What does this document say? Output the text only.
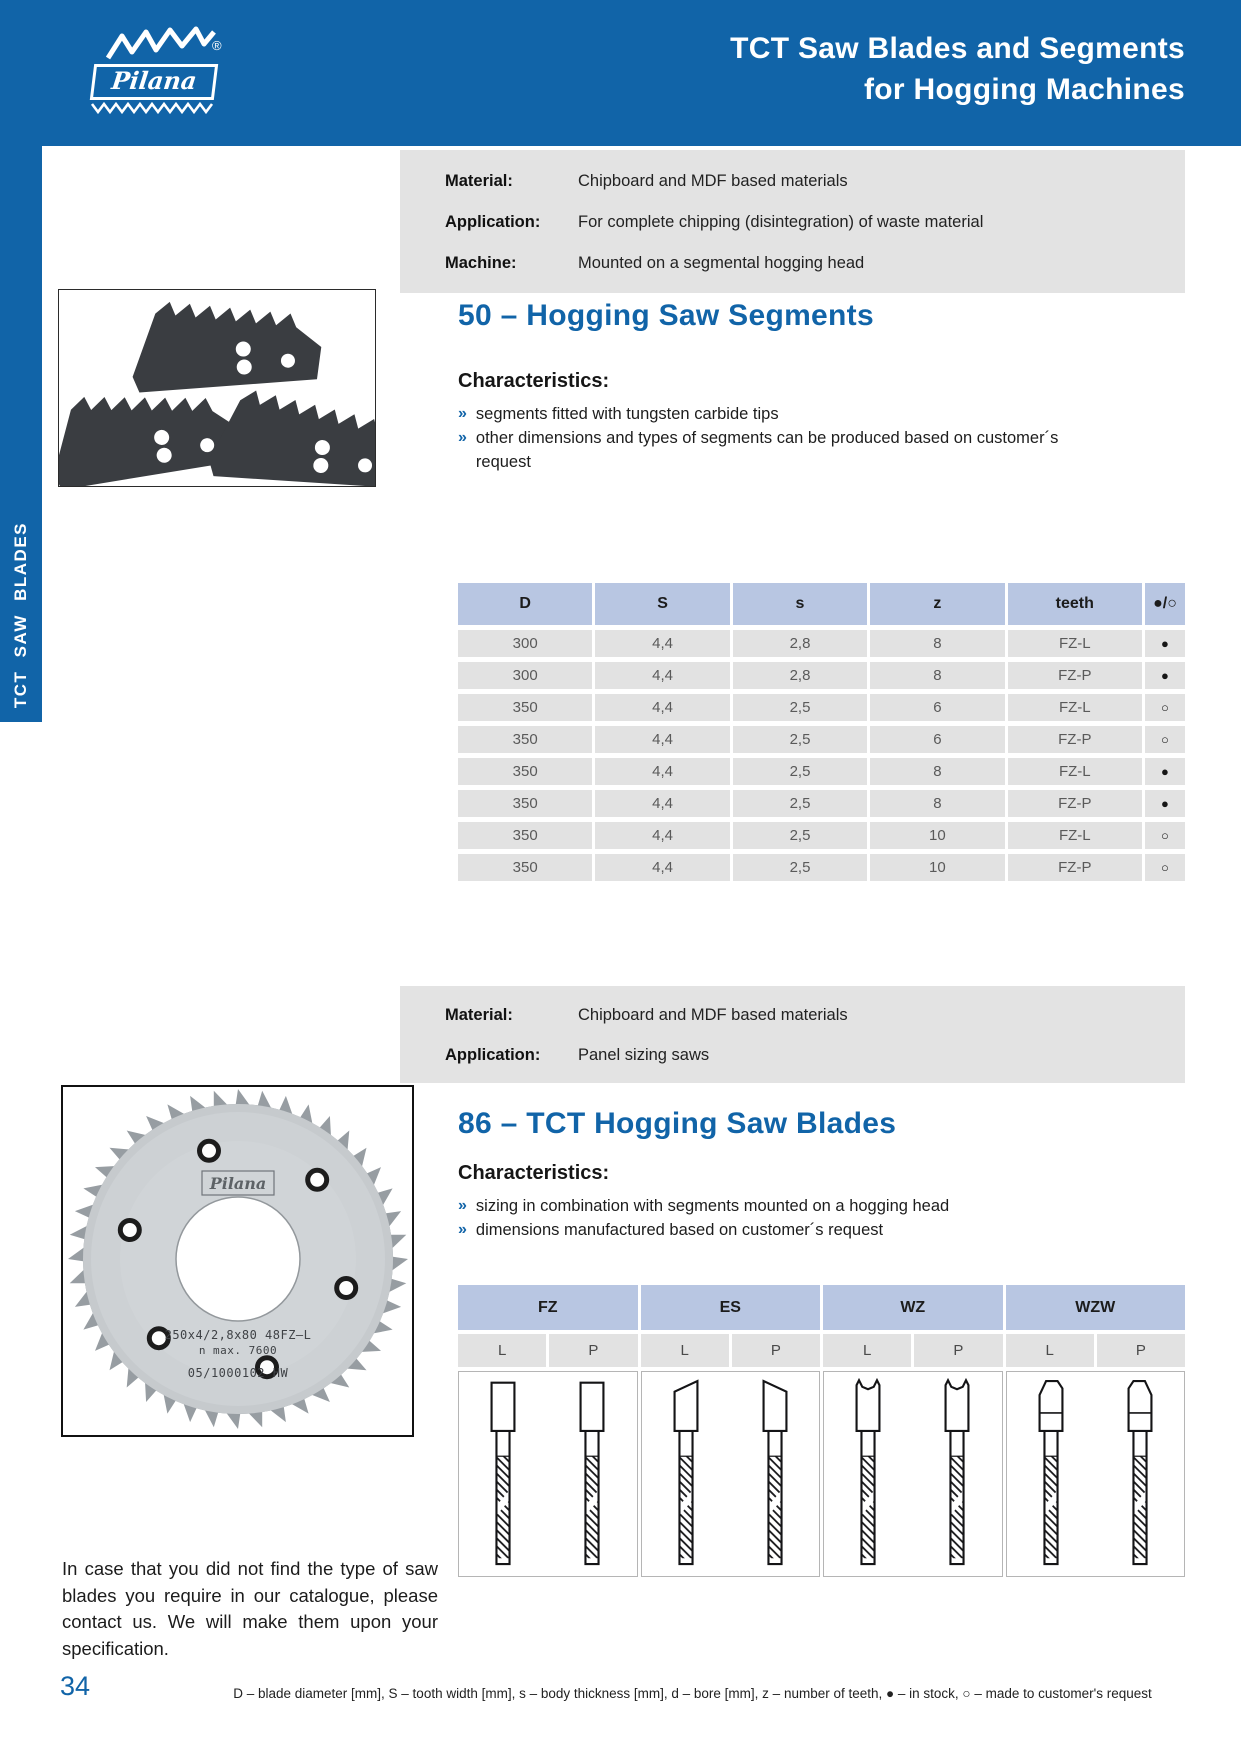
®
Pilana
TCT Saw Blades and Segments
for Hogging Machines
TCT SAW BLADES
Material:	Chipboard and MDF based materials
Application:	For complete chipping (disintegration) of waste material
Machine:	Mounted on a segmental hogging head
50 – Hogging Saw Segments
Characteristics:
» segments fitted with tungsten carbide tips
» other dimensions and types of segments can be produced based on customer´s request
D	S	s	z	teeth	●/○
300	4,4	2,8	8	FZ-L	●
300	4,4	2,8	8	FZ-P	●
350	4,4	2,5	6	FZ-L	○
350	4,4	2,5	6	FZ-P	○
350	4,4	2,5	8	FZ-L	●
350	4,4	2,5	8	FZ-P	●
350	4,4	2,5	10	FZ-L	○
350	4,4	2,5	10	FZ-P	○
Material:	Chipboard and MDF based materials
Application:	Panel sizing saws
Pilana
250x4/2,8x80 48FZ–L
n max. 7600
05/1000102 HW
86 – TCT Hogging Saw Blades
Characteristics:
» sizing in combination with segments mounted on a hogging head
» dimensions manufactured based on customer´s request
FZ	ES	WZ	WZW
L	P	L	P	L	P	L	P
In case that you did not find the type of saw blades you require in our catalogue, please contact us. We will make them upon your specification.
34	D – blade diameter [mm], S – tooth width [mm], s – body thickness [mm], d – bore [mm], z – number of teeth, ● – in stock, ○ – made to customer's request
